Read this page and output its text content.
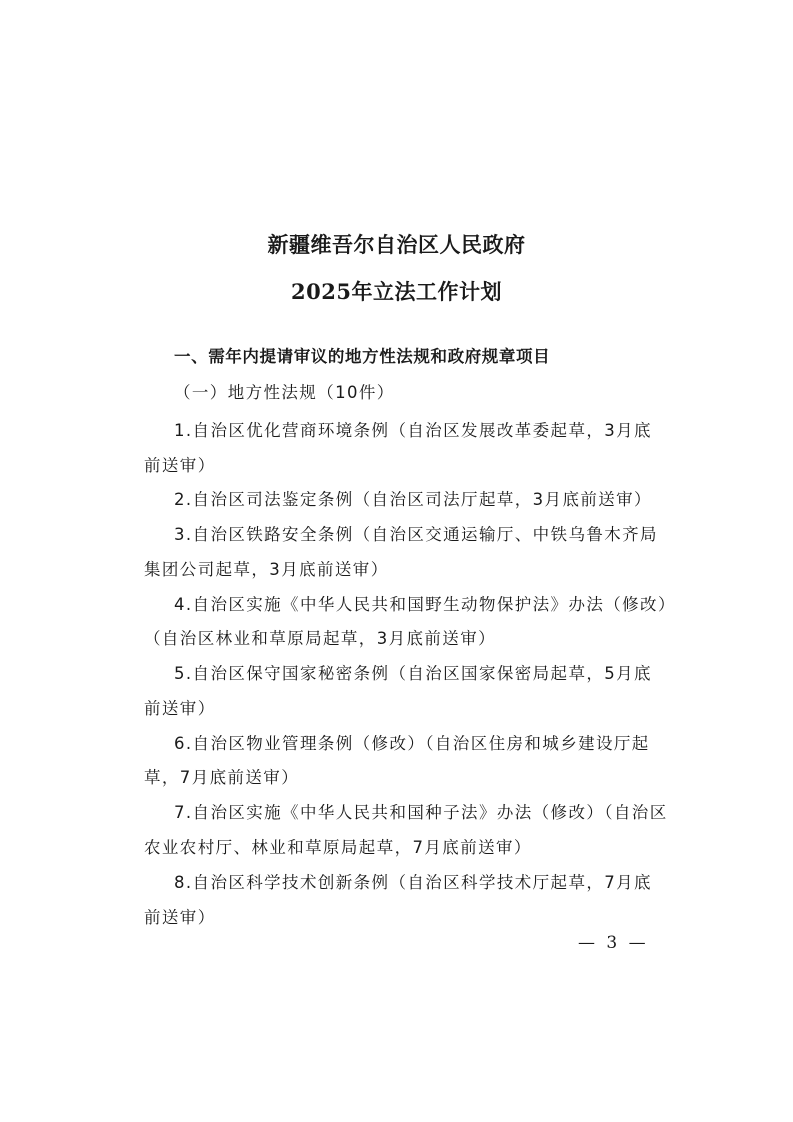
新疆维吾尔自治区人民政府
2025年立法工作计划
一、需年内提请审议的地方性法规和政府规章项目
（一）地方性法规（10件）
1.自治区优化营商环境条例（自治区发展改革委起草，3月底
前送审）
2.自治区司法鉴定条例（自治区司法厅起草，3月底前送审）
3.自治区铁路安全条例（自治区交通运输厅、中铁乌鲁木齐局
集团公司起草，3月底前送审）
4.自治区实施《中华人民共和国野生动物保护法》办法（修改）
（自治区林业和草原局起草，3月底前送审）
5.自治区保守国家秘密条例（自治区国家保密局起草，5月底
前送审）
6.自治区物业管理条例（修改）（自治区住房和城乡建设厅起
草，7月底前送审）
7.自治区实施《中华人民共和国种子法》办法（修改）（自治区
农业农村厅、林业和草原局起草，7月底前送审）
8.自治区科学技术创新条例（自治区科学技术厅起草，7月底
前送审）
— 3 —
